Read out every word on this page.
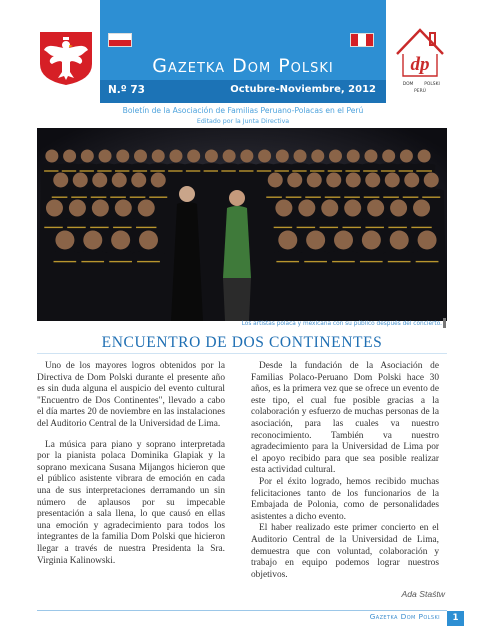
Gazetka Dom Polski
N.º 73	Octubre-Noviembre, 2012
Boletín de la Asociación de Familias Peruano-Polacas en el Perú
Editado por la Junta Directiva
dp
DOM POLSKI
PERÚ
Los artistas polaca y mexicana con su público después del concierto.
ENCUENTRO DE DOS CONTINENTES

Uno de los mayores logros obtenidos por la Directiva de Dom Polski durante el presente año es sin duda alguna el auspicio del evento cultural "Encuentro de Dos Continentes", llevado a cabo el día martes 20 de noviembre en las instalaciones del Auditorio Central de la Universidad de Lima.

La música para piano y soprano interpretada por la pianista polaca Dominika Glapiak y la soprano mexicana Susana Mijangos hicieron que el público asistente vibrara de emoción en cada una de sus interpretaciones derramando un sin número de aplausos por su impecable presentación a sala llena, lo que causó en ellas una emoción y agradecimiento para todos los integrantes de la familia Dom Polski que hicieron llegar a través de nuestra Presidenta la Sra. Virginia Kalinowski.

Desde la fundación de la Asociación de Familias Polaco-Peruano Dom Polski hace 30 años, es la primera vez que se ofrece un evento de este tipo, el cual fue posible gracias a la colaboración y esfuerzo de muchas personas de la asociación, para las cuales va nuestro reconocimiento. También va nuestro agradecimiento para la Universidad de Lima por el apoyo recibido para que sea posible realizar esta actividad cultural.

Por el éxito logrado, hemos recibido muchas felicitaciones tanto de los funcionarios de la Embajada de Polonia, como de personalidades asistentes a dicho evento.

El haber realizado este primer concierto en el Auditorio Central de la Universidad de Lima, demuestra que con voluntad, colaboración y trabajo en equipo podemos lograr nuestros objetivos.

Ada Staśtw
Gazetka Dom Polski	1
